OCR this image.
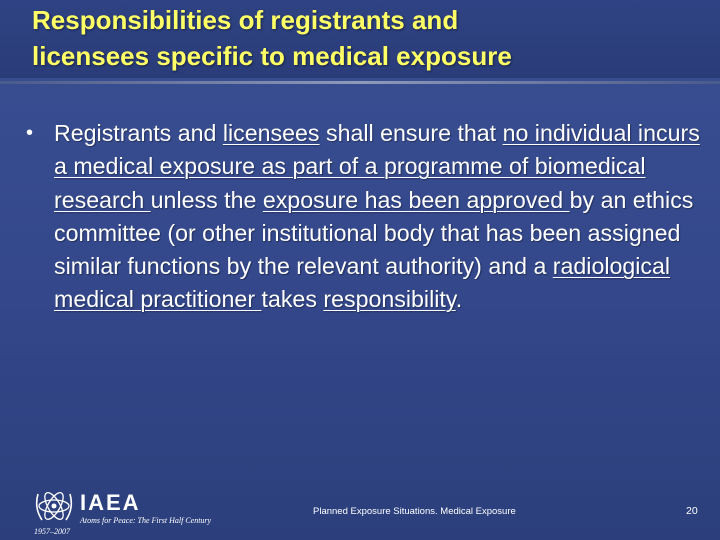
Responsibilities of registrants and
licensees specific to medical exposure
• Registrants and licensees shall ensure that no individual incurs a medical exposure as part of a programme of biomedical research unless the exposure has been approved by an ethics committee (or other institutional body that has been assigned similar functions by the relevant authority) and a radiological medical practitioner takes responsibility.

IAEA
Atoms for Peace: The First Half Century
1957–2007
Planned Exposure Situations. Medical Exposure	20
